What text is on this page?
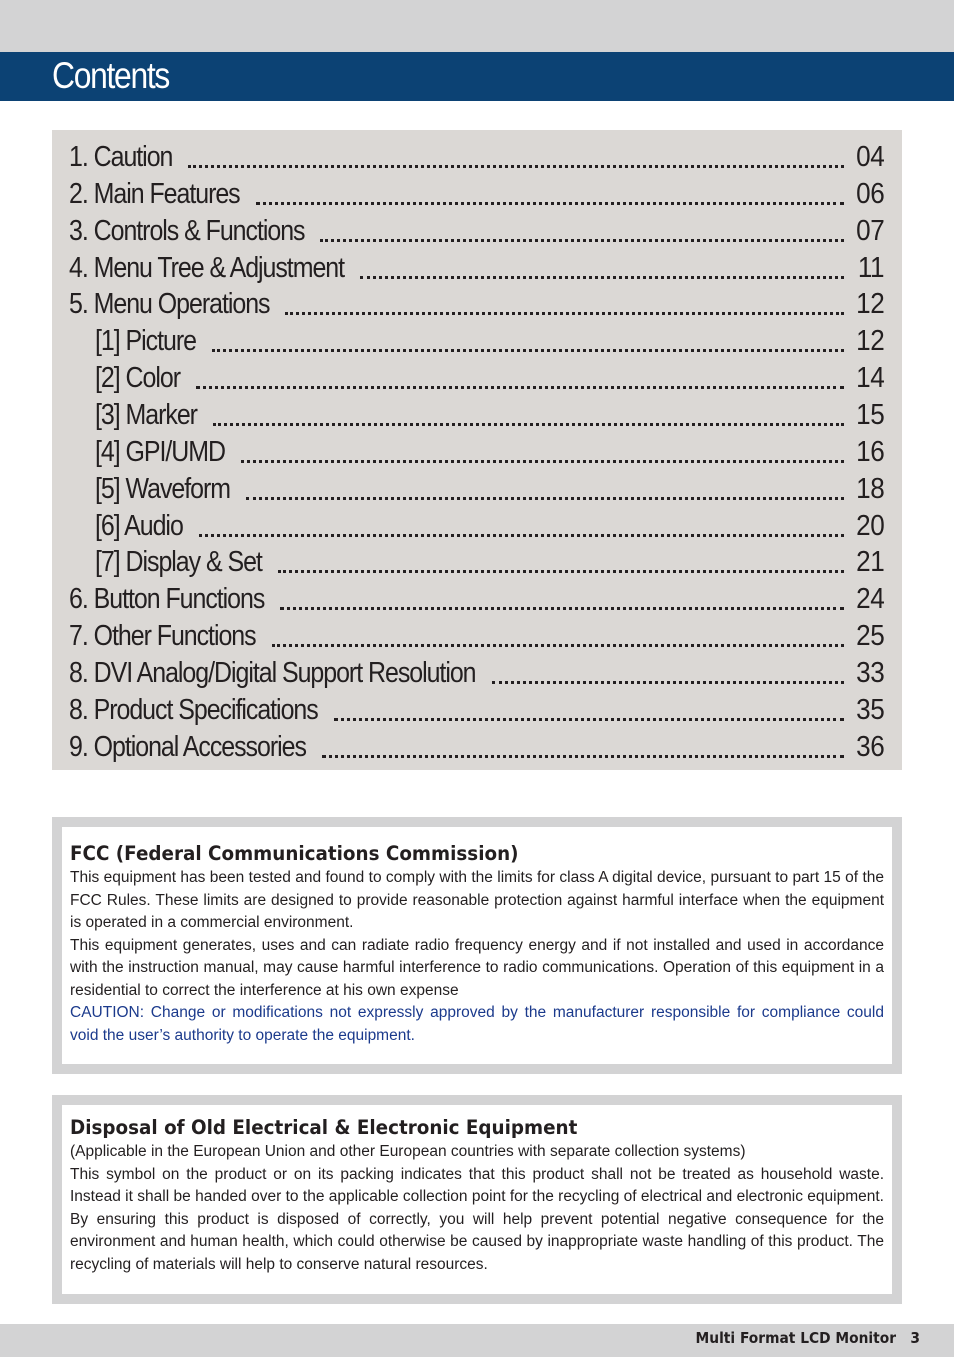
Contents
1. Caution	04
2. Main Features	06
3. Controls & Functions	07
4. Menu Tree & Adjustment	11
5. Menu Operations	12
[1] Picture	12
[2] Color	14
[3] Marker	15
[4] GPI/UMD	16
[5] Waveform	18
[6] Audio	20
[7] Display & Set	21
6. Button Functions	24
7. Other Functions	25
8. DVI Analog/Digital Support Resolution	33
8. Product Specifications	35
9. Optional Accessories	36
FCC (Federal Communications Commission)

This equipment has been tested and found to comply with the limits for class A digital device, pursuant to part 15 of the FCC Rules. These limits are designed to provide reasonable protection against harmful interface when the equipment is operated in a commercial environment.

This equipment generates, uses and can radiate radio frequency energy and if not installed and used in accordance with the instruction manual, may cause harmful interference to radio communications. Operation of this equipment in a residential to correct the interference at his own expense

CAUTION: Change or modifications not expressly approved by the manufacturer responsible for compliance could void the user’s authority to operate the equipment.

Disposal of Old Electrical & Electronic Equipment

(Applicable in the European Union and other European countries with separate collection systems)

This symbol on the product or on its packing indicates that this product shall not be treated as household waste. Instead it shall be handed over to the applicable collection point for the recycling of electrical and electronic equipment. By ensuring this product is disposed of correctly, you will help prevent potential negative consequence for the environment and human health, which could otherwise be caused by inappropriate waste handling of this product. The recycling of materials will help to conserve natural resources.

Multi Format LCD Monitor   3
